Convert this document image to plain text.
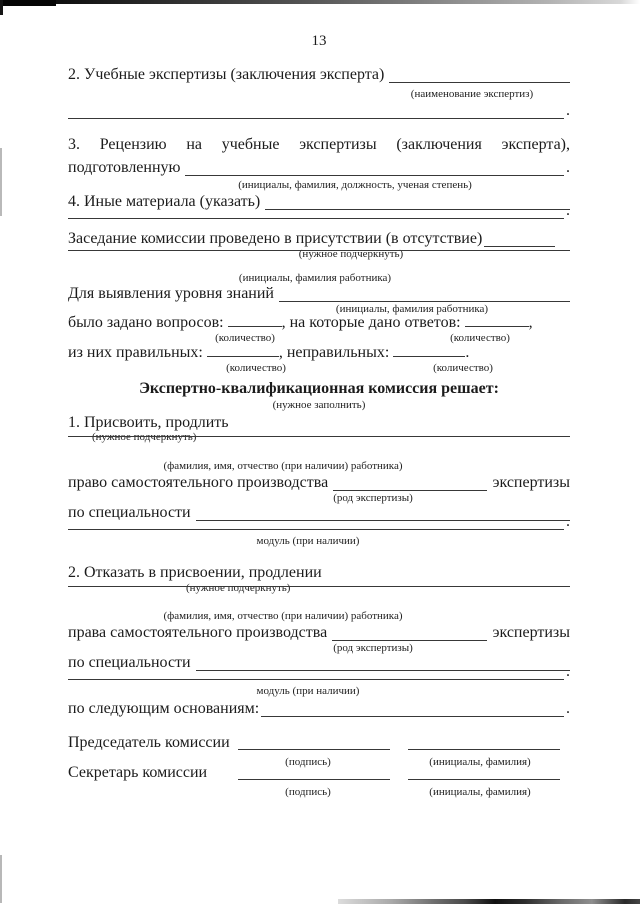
13
2. Учебные экспертизы (заключения эксперта)
(наименование экспертиз)
.
3. Рецензию на учебные экспертизы (заключения эксперта),
подготовленную	.
(инициалы, фамилия, должность, ученая степень)
4. Иные материала (указать)
.
Заседание комиссии проведено в присутствии (в отсутствие)
(нужное подчеркнуть)
(инициалы, фамилия работника)
Для выявления уровня знаний
(инициалы, фамилия работника)
было задано вопросов:	, на которые дано ответов:	,
(количество)	(количество)
из них правильных:	, неправильных:	.
(количество)	(количество)
Экспертно-квалификационная комиссия решает:
(нужное заполнить)
1. Присвоить, продлить
(нужное подчеркнуть)
(фамилия, имя, отчество (при наличии) работника)
право самостоятельного производства	экспертизы
(род экспертизы)
по специальности
.
модуль (при наличии)
2. Отказать в присвоении, продлении
(нужное подчеркнуть)
(фамилия, имя, отчество (при наличии) работника)
права самостоятельного производства	экспертизы
(род экспертизы)
по специальности
.
модуль (при наличии)
по следующим основаниям:	.
Председатель комиссии
(подпись)	(инициалы, фамилия)
Секретарь комиссии
(подпись)	(инициалы, фамилия)
